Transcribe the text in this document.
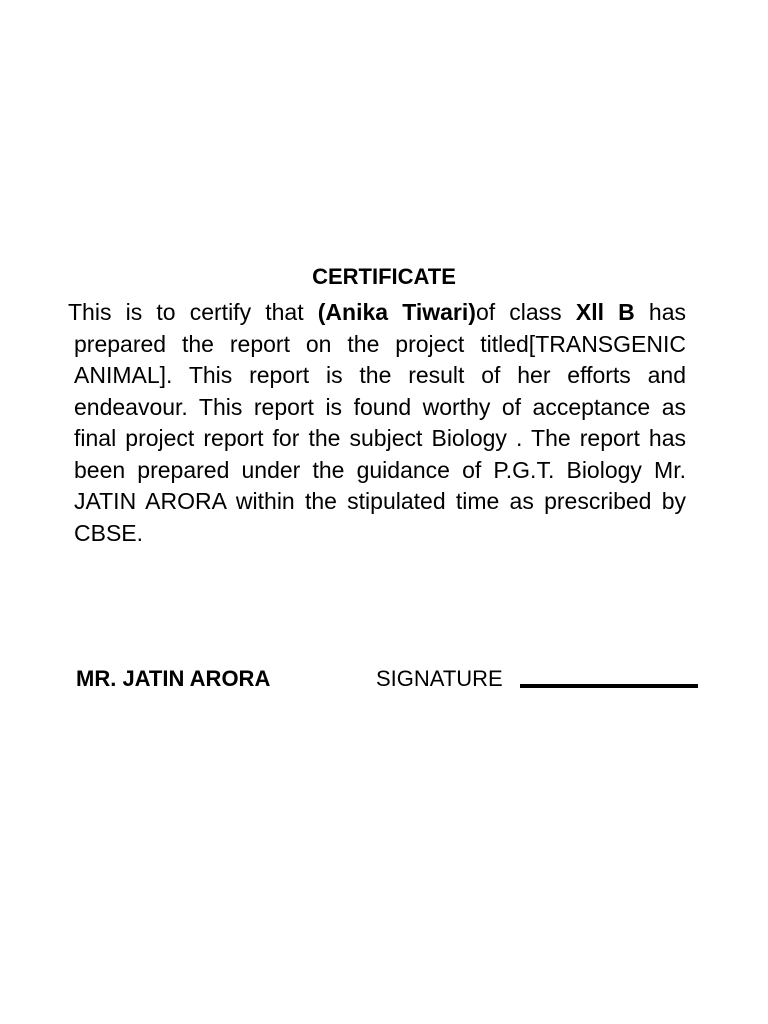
CERTIFICATE

This is to certify that (Anika Tiwari)of class Xll B has prepared the report on the project titled[TRANSGENIC ANIMAL]. This report is the result of her efforts and endeavour. This report is found worthy of acceptance as final project report for the subject Biology . The report has been prepared under the guidance of P.G.T. Biology Mr. JATIN ARORA within the stipulated time as prescribed by CBSE.

MR. JATIN ARORA	SIGNATURE
